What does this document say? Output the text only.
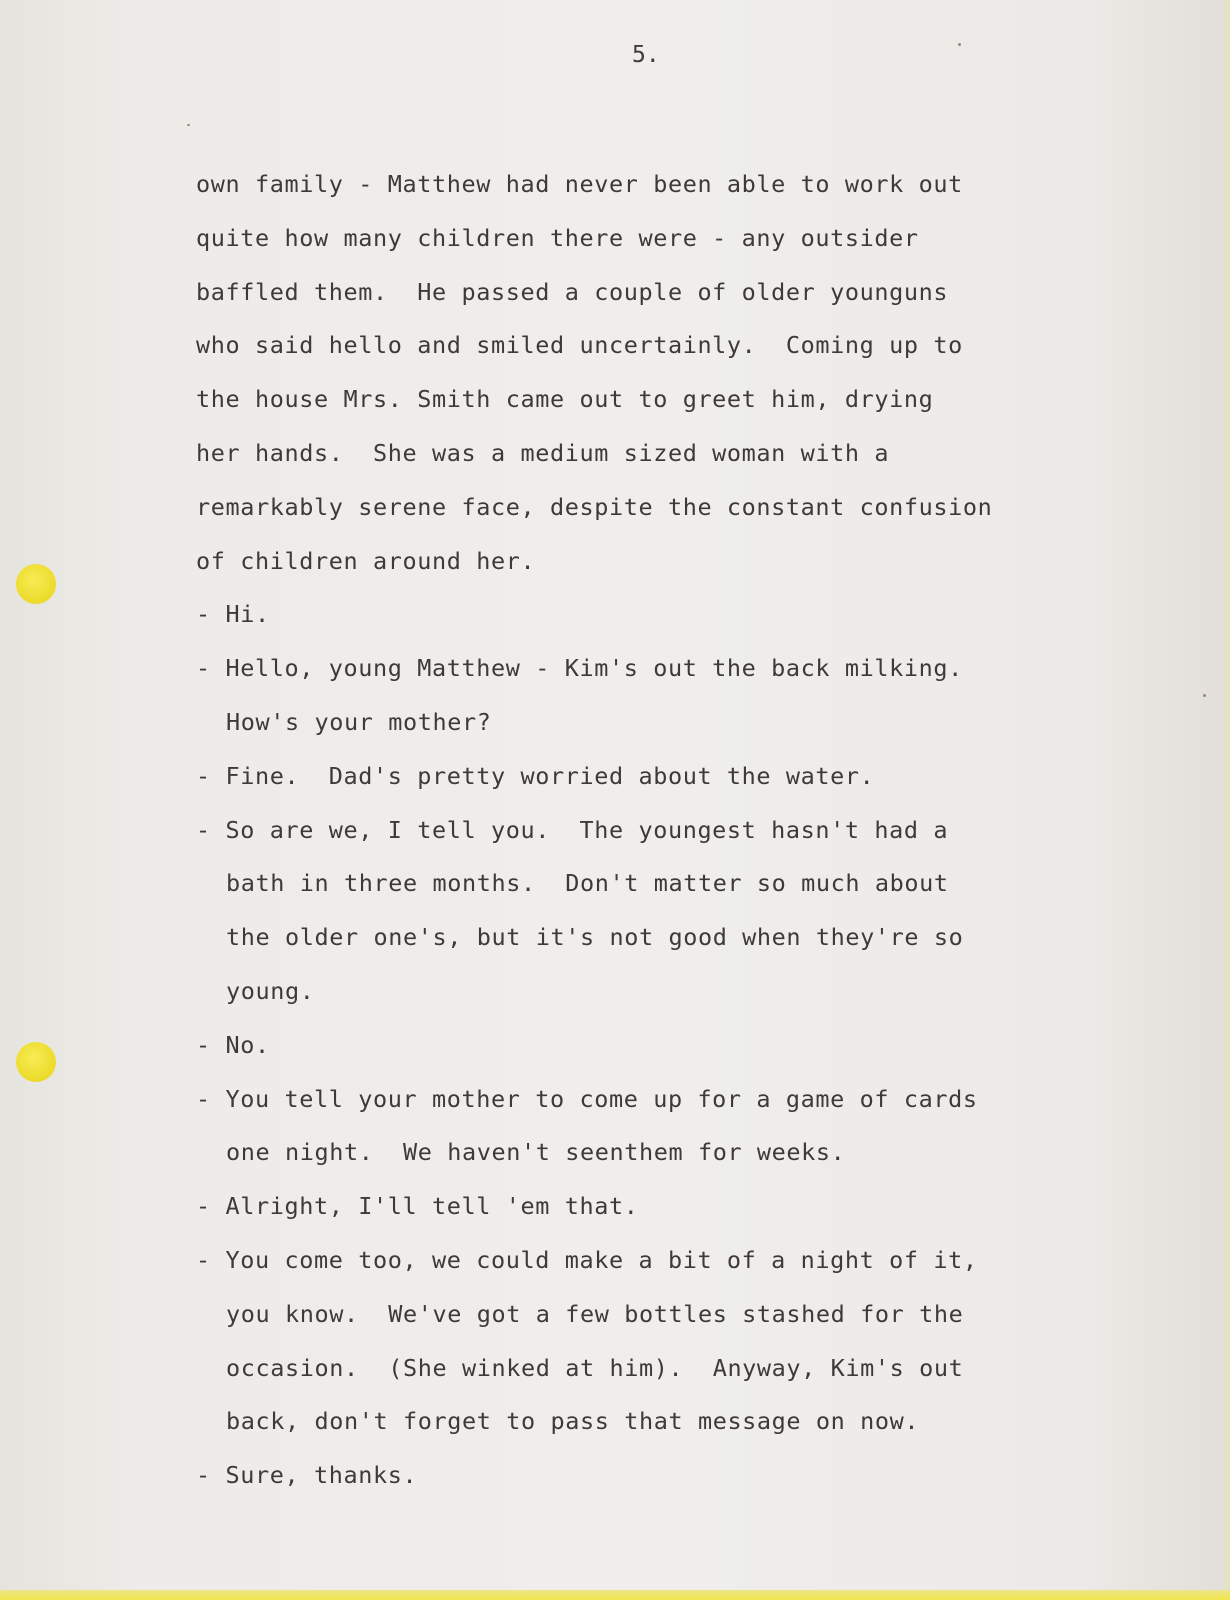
5.
own family - Matthew had never been able to work out
quite how many children there were - any outsider
baffled them.  He passed a couple of older younguns
who said hello and smiled uncertainly.  Coming up to
the house Mrs. Smith came out to greet him, drying
her hands.  She was a medium sized woman with a
remarkably serene face, despite the constant confusion
of children around her.
- Hi.
- Hello, young Matthew - Kim's out the back milking.
How's your mother?
- Fine.  Dad's pretty worried about the water.
- So are we, I tell you.  The youngest hasn't had a
bath in three months.  Don't matter so much about
the older one's, but it's not good when they're so
young.
- No.
- You tell your mother to come up for a game of cards
one night.  We haven't seenthem for weeks.
- Alright, I'll tell 'em that.
- You come too, we could make a bit of a night of it,
you know.  We've got a few bottles stashed for the
occasion.  (She winked at him).  Anyway, Kim's out
back, don't forget to pass that message on now.
- Sure, thanks.
